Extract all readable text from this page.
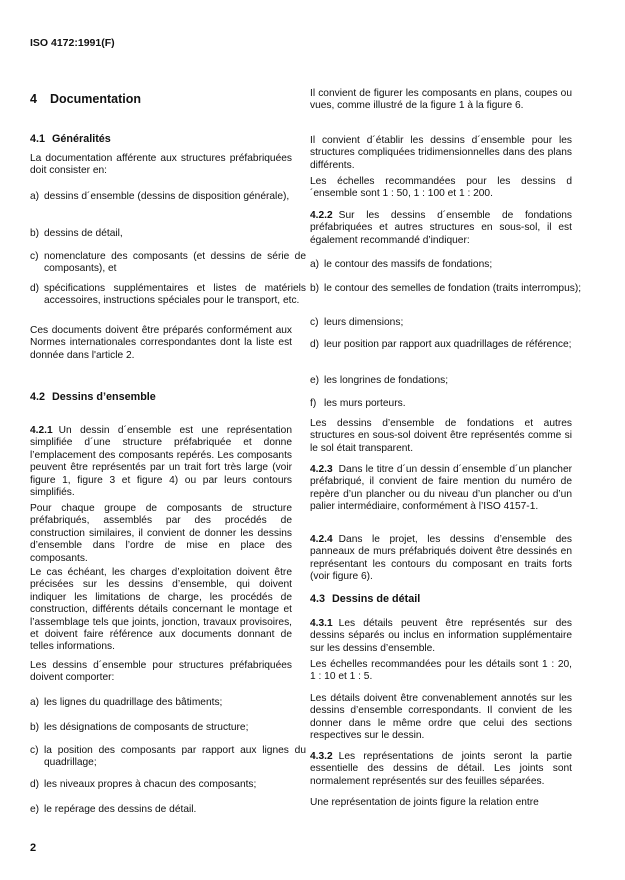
ISO 4172:1991(F)
4 Documentation
4.1 Généralités
La documentation afférente aux structures préfabriquées doit consister en:
a) dessins d´ensemble (dessins de disposition générale),
b) dessins de détail,
c) nomenclature des composants (et dessins de série de composants), et
d) spécifications supplémentaires et listes de matériels accessoires, instructions spéciales pour le transport, etc.
Ces documents doivent être préparés conformément aux Normes internationales correspondantes dont la liste est donnée dans l'article 2.
4.2 Dessins d’ensemble
4.2.1 Un dessin d´ensemble est une représentation simplifiée d´une structure préfabriquée et donne l’emplacement des composants repérés. Les composants peuvent être représentés par un trait fort très large (voir figure 1, figure 3 et figure 4) ou par leurs contours simplifiés.
Pour chaque groupe de composants de structure préfabriqués, assemblés par des procédés de construction similaires, il convient de donner les dessins d’ensemble dans l’ordre de mise en place des composants.
Le cas échéant, les charges d’exploitation doivent être précisées sur les dessins d’ensemble, qui doivent indiquer les limitations de charge, les procédés de construction, différents détails concernant le montage et l’assemblage tels que joints, jonction, travaux provisoires, et doivent faire référence aux documents donnant de telles informations.
Les dessins d´ensemble pour structures préfabriquées doivent comporter:
a) les lignes du quadrillage des bâtiments;
b) les désignations de composants de structure;
c) la position des composants par rapport aux lignes du quadrillage;
d) les niveaux propres à chacun des composants;
e) le repérage des dessins de détail.
Il convient de figurer les composants en plans, coupes ou vues, comme illustré de la figure 1 à la figure 6.
Il convient d´établir les dessins d´ensemble pour les structures compliquées tridimensionnelles dans des plans différents.
Les échelles recommandées pour les dessins d´ensemble sont 1 : 50, 1 : 100 et 1 : 200.
4.2.2 Sur les dessins d´ensemble de fondations préfabriquées et autres structures en sous-sol, il est également recommandé d’indiquer:
a) le contour des massifs de fondations;
b) le contour des semelles de fondation (traits interrompus);
c) leurs dimensions;
d) leur position par rapport aux quadrillages de référence;
e) les longrines de fondations;
f) les murs porteurs.
Les dessins d’ensemble de fondations et autres structures en sous-sol doivent être représentés comme si le sol était transparent.
4.2.3 Dans le titre d´un dessin d´ensemble d´un plancher préfabriqué, il convient de faire mention du numéro de repère d’un plancher ou du niveau d’un plancher ou d’un palier intermédiaire, conformément à l’ISO 4157-1.
4.2.4 Dans le projet, les dessins d’ensemble des panneaux de murs préfabriqués doivent être dessinés en représentant les contours du composant en traits forts (voir figure 6).
4.3 Dessins de détail
4.3.1 Les détails peuvent être représentés sur des dessins séparés ou inclus en information supplémentaire sur les dessins d’ensemble.
Les échelles recommandées pour les détails sont 1 : 20, 1 : 10 et 1 : 5.
Les détails doivent être convenablement annotés sur les dessins d’ensemble correspondants. Il convient de les donner dans le même ordre que celui des sections respectives sur le dessin.
4.3.2 Les représentations de joints seront la partie essentielle des dessins de détail. Les joints sont normalement représentés sur des feuilles séparées.
Une représentation de joints figure la relation entre
2
